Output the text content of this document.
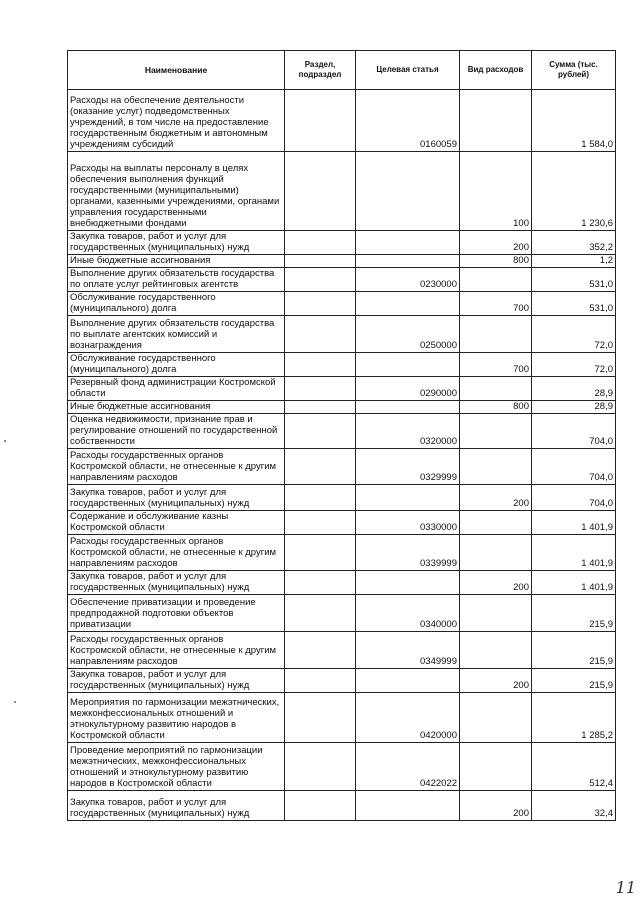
Наименование	Раздел, подраздел	Целевая статья	Вид расходов	Сумма (тыс. рублей)
Расходы на обеспечение деятельности (оказание услуг) подведомственных учреждений, в том числе на предоставление государственным бюджетным и автономным учреждениям субсидий		0160059		1 584,0
Расходы на выплаты персоналу в целях обеспечения выполнения функций государственными (муниципальными) органами, казенными учреждениями, органами управления государственными внебюджетными фондами			100	1 230,6
Закупка товаров, работ и услуг для государственных (муниципальных) нужд			200	352,2
Иные бюджетные ассигнования			800	1,2
Выполнение других обязательств государства по оплате услуг рейтинговых агентств		0230000		531,0
Обслуживание государственного (муниципального) долга			700	531,0
Выполнение других обязательств государства по выплате агентских комиссий и вознаграждения		0250000		72,0
Обслуживание государственного (муниципального) долга			700	72,0
Резервный фонд администрации Костромской области		0290000		28,9
Иные бюджетные ассигнования			800	28,9
Оценка недвижимости, признание прав и регулирование отношений по государственной собственности		0320000		704,0
Расходы государственных органов Костромской области, не отнесенные к другим направлениям расходов		0329999		704,0
Закупка товаров, работ и услуг для государственных (муниципальных) нужд			200	704,0
Содержание и обслуживание казны Костромской области		0330000		1 401,9
Расходы государственных органов Костромской области, не отнесенные к другим направлениям расходов		0339999		1 401,9
Закупка товаров, работ и услуг для государственных (муниципальных) нужд			200	1 401,9
Обеспечение приватизации и проведение предпродажной подготовки объектов приватизации		0340000		215,9
Расходы государственных органов Костромской области, не отнесенные к другим направлениям расходов		0349999		215,9
Закупка товаров, работ и услуг для государственных (муниципальных) нужд			200	215,9
Мероприятия по гармонизации межэтнических, межконфессиональных отношений и этнокультурному развитию народов в Костромской области		0420000		1 285,2
Проведение мероприятий по гармонизации межэтнических, межконфессиональных отношений и этнокультурному развитию народов в Костромской области		0422022		512,4
Закупка товаров, работ и услуг для государственных (муниципальных) нужд			200	32,4
11
